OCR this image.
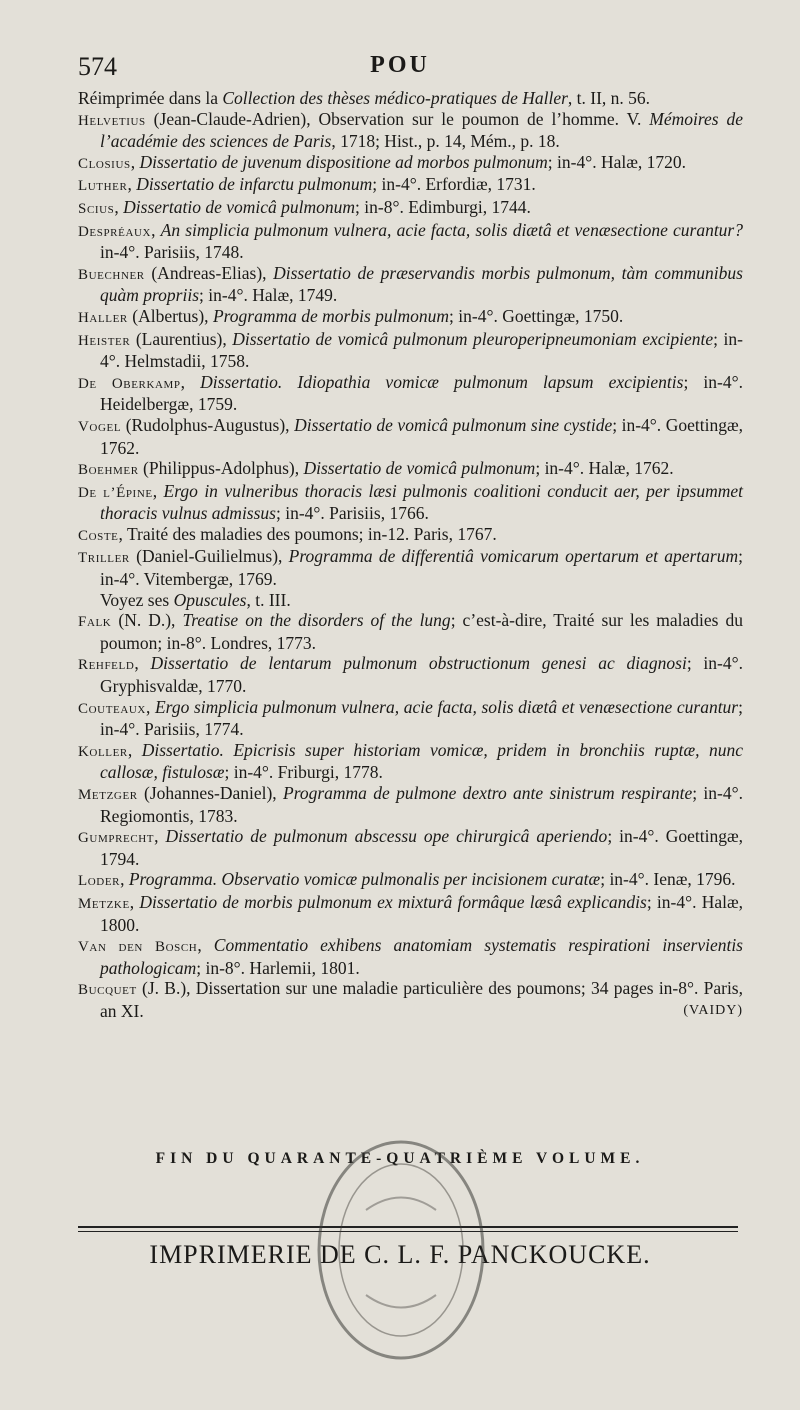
574	POU

Réimprimée dans la Collection des thèses médico-pratiques de Haller, t. II, n. 56.

Helvetius (Jean-Claude-Adrien), Observation sur le poumon de l’homme. V. Mémoires de l’académie des sciences de Paris, 1718; Hist., p. 14, Mém., p. 18.

Closius, Dissertatio de juvenum dispositione ad morbos pulmonum; in-4°. Halæ, 1720.

Luther, Dissertatio de infarctu pulmonum; in-4°. Erfordiæ, 1731.

Scius, Dissertatio de vomicâ pulmonum; in-8°. Edimburgi, 1744.

Despréaux, An simplicia pulmonum vulnera, acie facta, solis diætâ et venæsectione curantur? in-4°. Parisiis, 1748.

Buechner (Andreas-Elias), Dissertatio de præservandis morbis pulmonum, tàm communibus quàm propriis; in-4°. Halæ, 1749.

Haller (Albertus), Programma de morbis pulmonum; in-4°. Goettingæ, 1750.

Heister (Laurentius), Dissertatio de vomicâ pulmonum pleuroperipneumoniam excipiente; in-4°. Helmstadii, 1758.

De Oberkamp, Dissertatio. Idiopathia vomicæ pulmonum lapsum excipientis; in-4°. Heidelbergæ, 1759.

Vogel (Rudolphus-Augustus), Dissertatio de vomicâ pulmonum sine cystide; in-4°. Goettingæ, 1762.

Boehmer (Philippus-Adolphus), Dissertatio de vomicâ pulmonum; in-4°. Halæ, 1762.

De l’Épine, Ergo in vulneribus thoracis læsi pulmonis coalitioni conducit aer, per ipsummet thoracis vulnus admissus; in-4°. Parisiis, 1766.

Coste, Traité des maladies des poumons; in-12. Paris, 1767.

Triller (Daniel-Guilielmus), Programma de differentiâ vomicarum opertarum et apertarum; in-4°. Vitembergæ, 1769.

Voyez ses Opuscules, t. III.

Falk (N. D.), Treatise on the disorders of the lung; c’est-à-dire, Traité sur les maladies du poumon; in-8°. Londres, 1773.

Rehfeld, Dissertatio de lentarum pulmonum obstructionum genesi ac diagnosi; in-4°. Gryphisvaldæ, 1770.

Couteaux, Ergo simplicia pulmonum vulnera, acie facta, solis diætâ et venæsectione curantur; in-4°. Parisiis, 1774.

Koller, Dissertatio. Epicrisis super historiam vomicæ, pridem in bronchiis ruptæ, nunc callosæ, fistulosæ; in-4°. Friburgi, 1778.

Metzger (Johannes-Daniel), Programma de pulmone dextro ante sinistrum respirante; in-4°. Regiomontis, 1783.

Gumprecht, Dissertatio de pulmonum abscessu ope chirurgicâ aperiendo; in-4°. Goettingæ, 1794.

Loder, Programma. Observatio vomicæ pulmonalis per incisionem curatæ; in-4°. Ienæ, 1796.

Metzke, Dissertatio de morbis pulmonum ex mixturâ formâque læsâ explicandis; in-4°. Halæ, 1800.

Van den Bosch, Commentatio exhibens anatomiam systematis respirationi inservientis pathologicam; in-8°. Harlemii, 1801.

Bucquet (J. B.), Dissertation sur une maladie particulière des poumons; 34 pages in-8°. Paris, an XI.	(VAIDY)

FIN DU QUARANTE-QUATRIÈME VOLUME.
IMPRIMERIE DE C. L. F. PANCKOUCKE.
